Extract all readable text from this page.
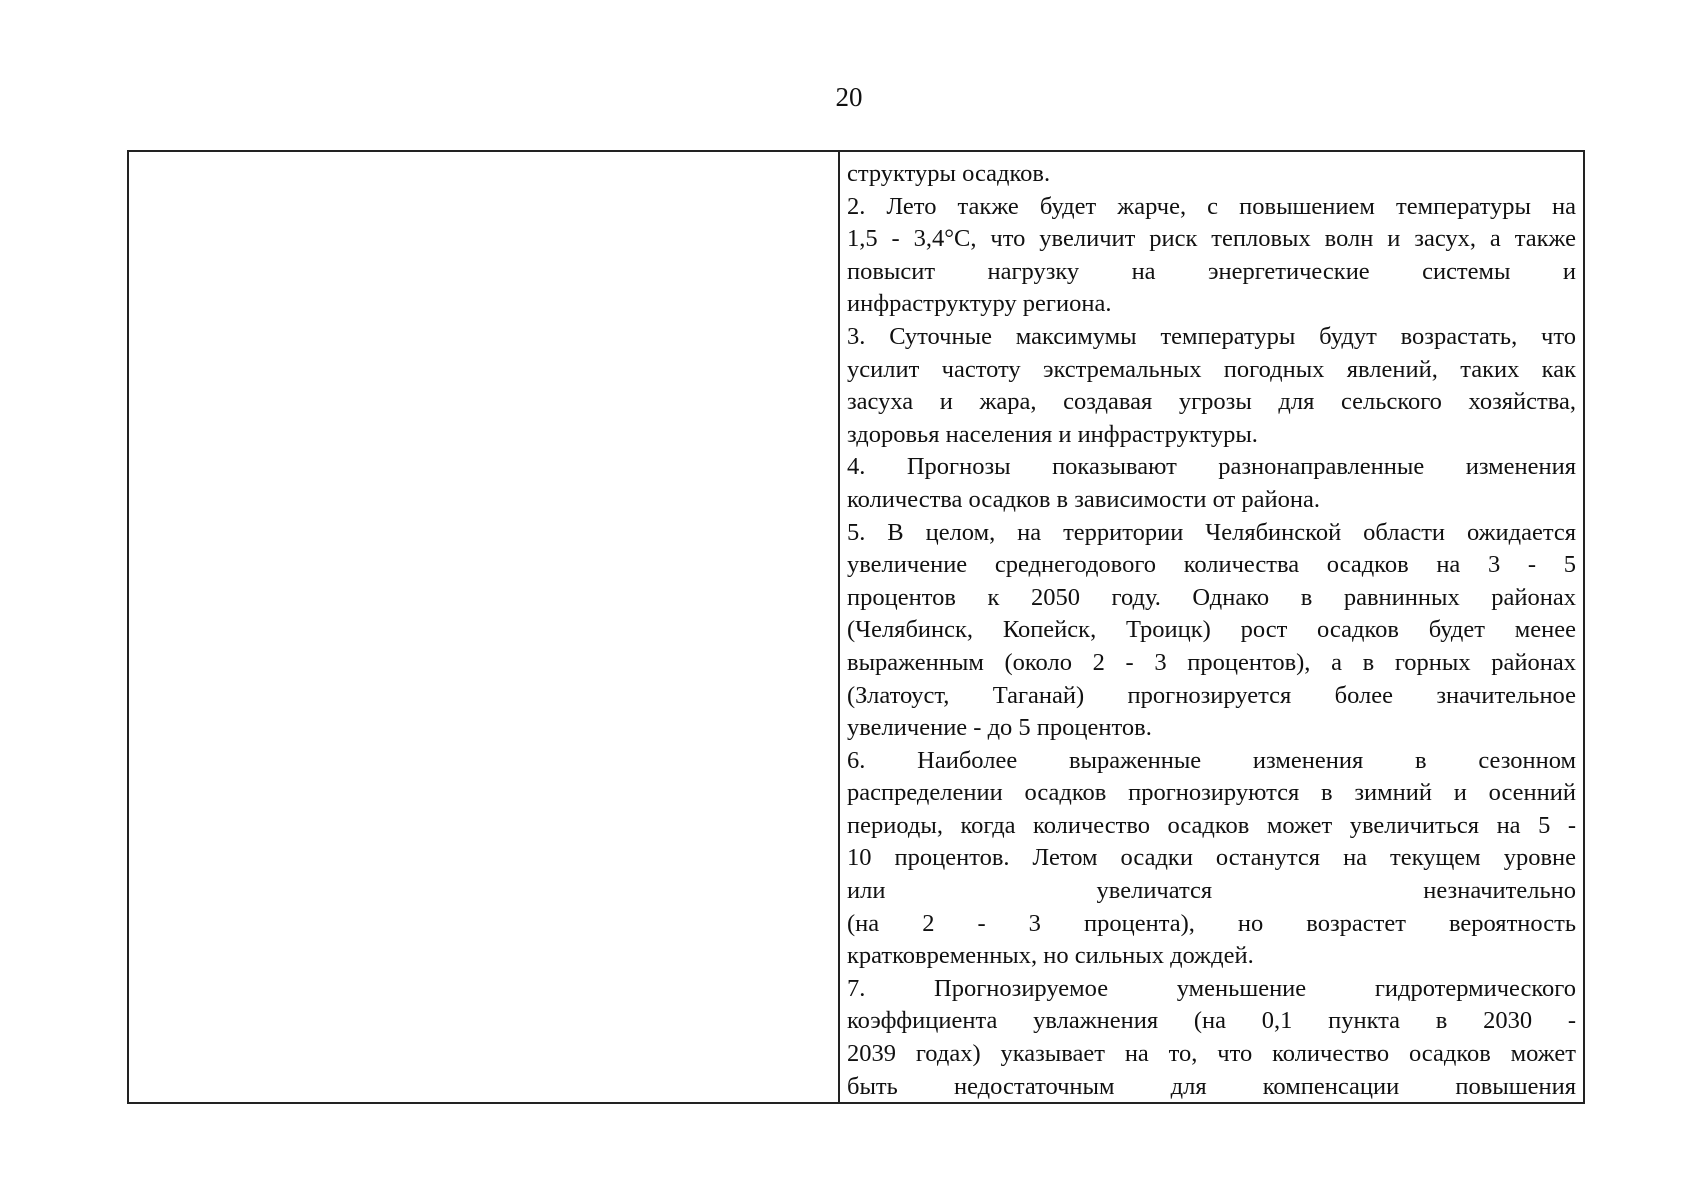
20
структуры осадков.
2. Лето также будет жарче, с повышением температуры на
1,5 - 3,4°С, что увеличит риск тепловых волн и засух, а также
повысит нагрузку на энергетические системы и
инфраструктуру региона.
3. Суточные максимумы температуры будут возрастать, что
усилит частоту экстремальных погодных явлений, таких как
засуха и жара, создавая угрозы для сельского хозяйства,
здоровья населения и инфраструктуры.
4. Прогнозы показывают разнонаправленные изменения
количества осадков в зависимости от района.
5. В целом, на территории Челябинской области ожидается
увеличение среднегодового количества осадков на 3 - 5
процентов к 2050 году. Однако в равнинных районах
(Челябинск, Копейск, Троицк) рост осадков будет менее
выраженным (около 2 - 3 процентов), а в горных районах
(Златоуст, Таганай) прогнозируется более значительное
увеличение - до 5 процентов.
6. Наиболее выраженные изменения в сезонном
распределении осадков прогнозируются в зимний и осенний
периоды, когда количество осадков может увеличиться на 5 -
10 процентов. Летом осадки останутся на текущем уровне
или увеличатся незначительно
(на 2 - 3 процента), но возрастет вероятность
кратковременных, но сильных дождей.
7. Прогнозируемое уменьшение гидротермического
коэффициента увлажнения (на 0,1 пункта в 2030 -
2039 годах) указывает на то, что количество осадков может
быть недостаточным для компенсации повышения
